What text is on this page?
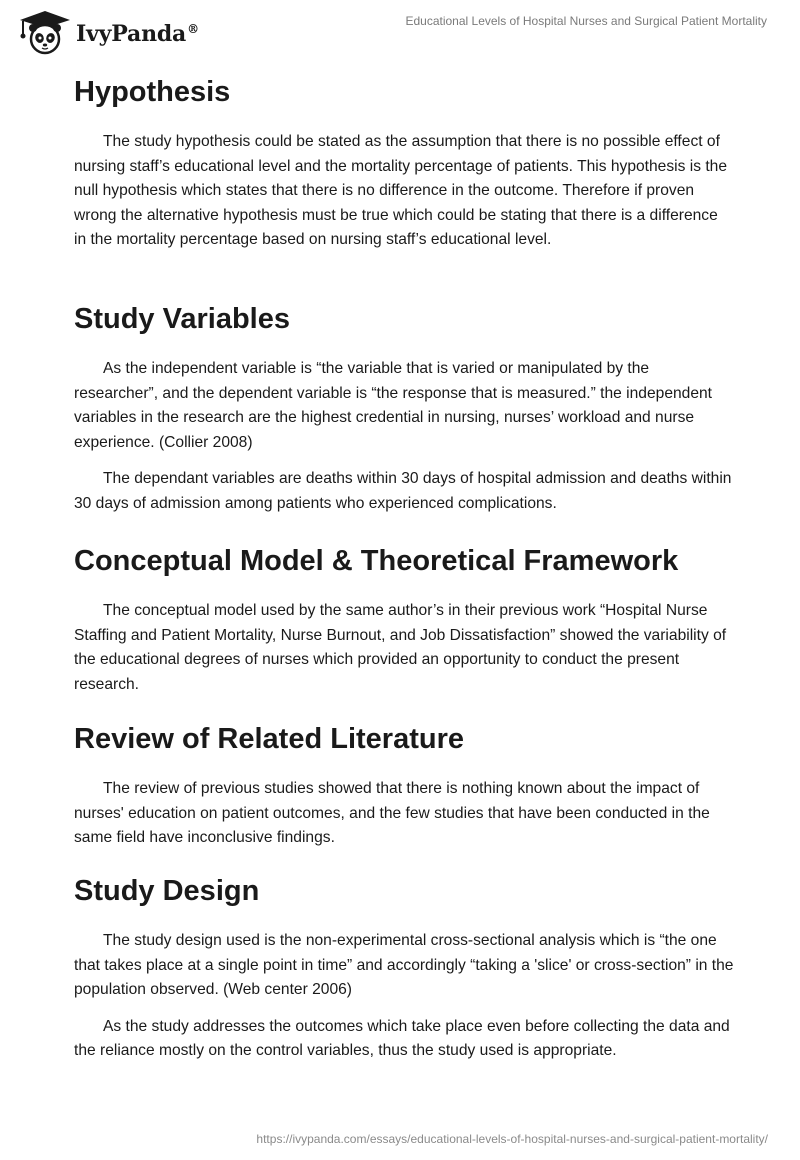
IvyPanda®
Educational Levels of Hospital Nurses and Surgical Patient Mortality
Hypothesis

The study hypothesis could be stated as the assumption that there is no possible effect of nursing staff’s educational level and the mortality percentage of patients. This hypothesis is the null hypothesis which states that there is no difference in the outcome. Therefore if proven wrong the alternative hypothesis must be true which could be stating that there is a difference in the mortality percentage based on nursing staff’s educational level.

Study Variables

As the independent variable is “the variable that is varied or manipulated by the researcher”, and the dependent variable is “the response that is measured.” the independent variables in the research are the highest credential in nursing, nurses’ workload and nurse experience. (Collier 2008)

The dependant variables are deaths within 30 days of hospital admission and deaths within 30 days of admission among patients who experienced complications.

Conceptual Model & Theoretical Framework

The conceptual model used by the same author’s in their previous work “Hospital Nurse Staffing and Patient Mortality, Nurse Burnout, and Job Dissatisfaction” showed the variability of the educational degrees of nurses which provided an opportunity to conduct the present research.

Review of Related Literature

The review of previous studies showed that there is nothing known about the impact of nurses' education on patient outcomes, and the few studies that have been conducted in the same field have inconclusive findings.

Study Design

The study design used is the non-experimental cross-sectional analysis which is “the one that takes place at a single point in time” and accordingly “taking a 'slice' or cross-section” in the population observed. (Web center 2006)

As the study addresses the outcomes which take place even before collecting the data and the reliance mostly on the control variables, thus the study used is appropriate.

https://ivypanda.com/essays/educational-levels-of-hospital-nurses-and-surgical-patient-mortality/
